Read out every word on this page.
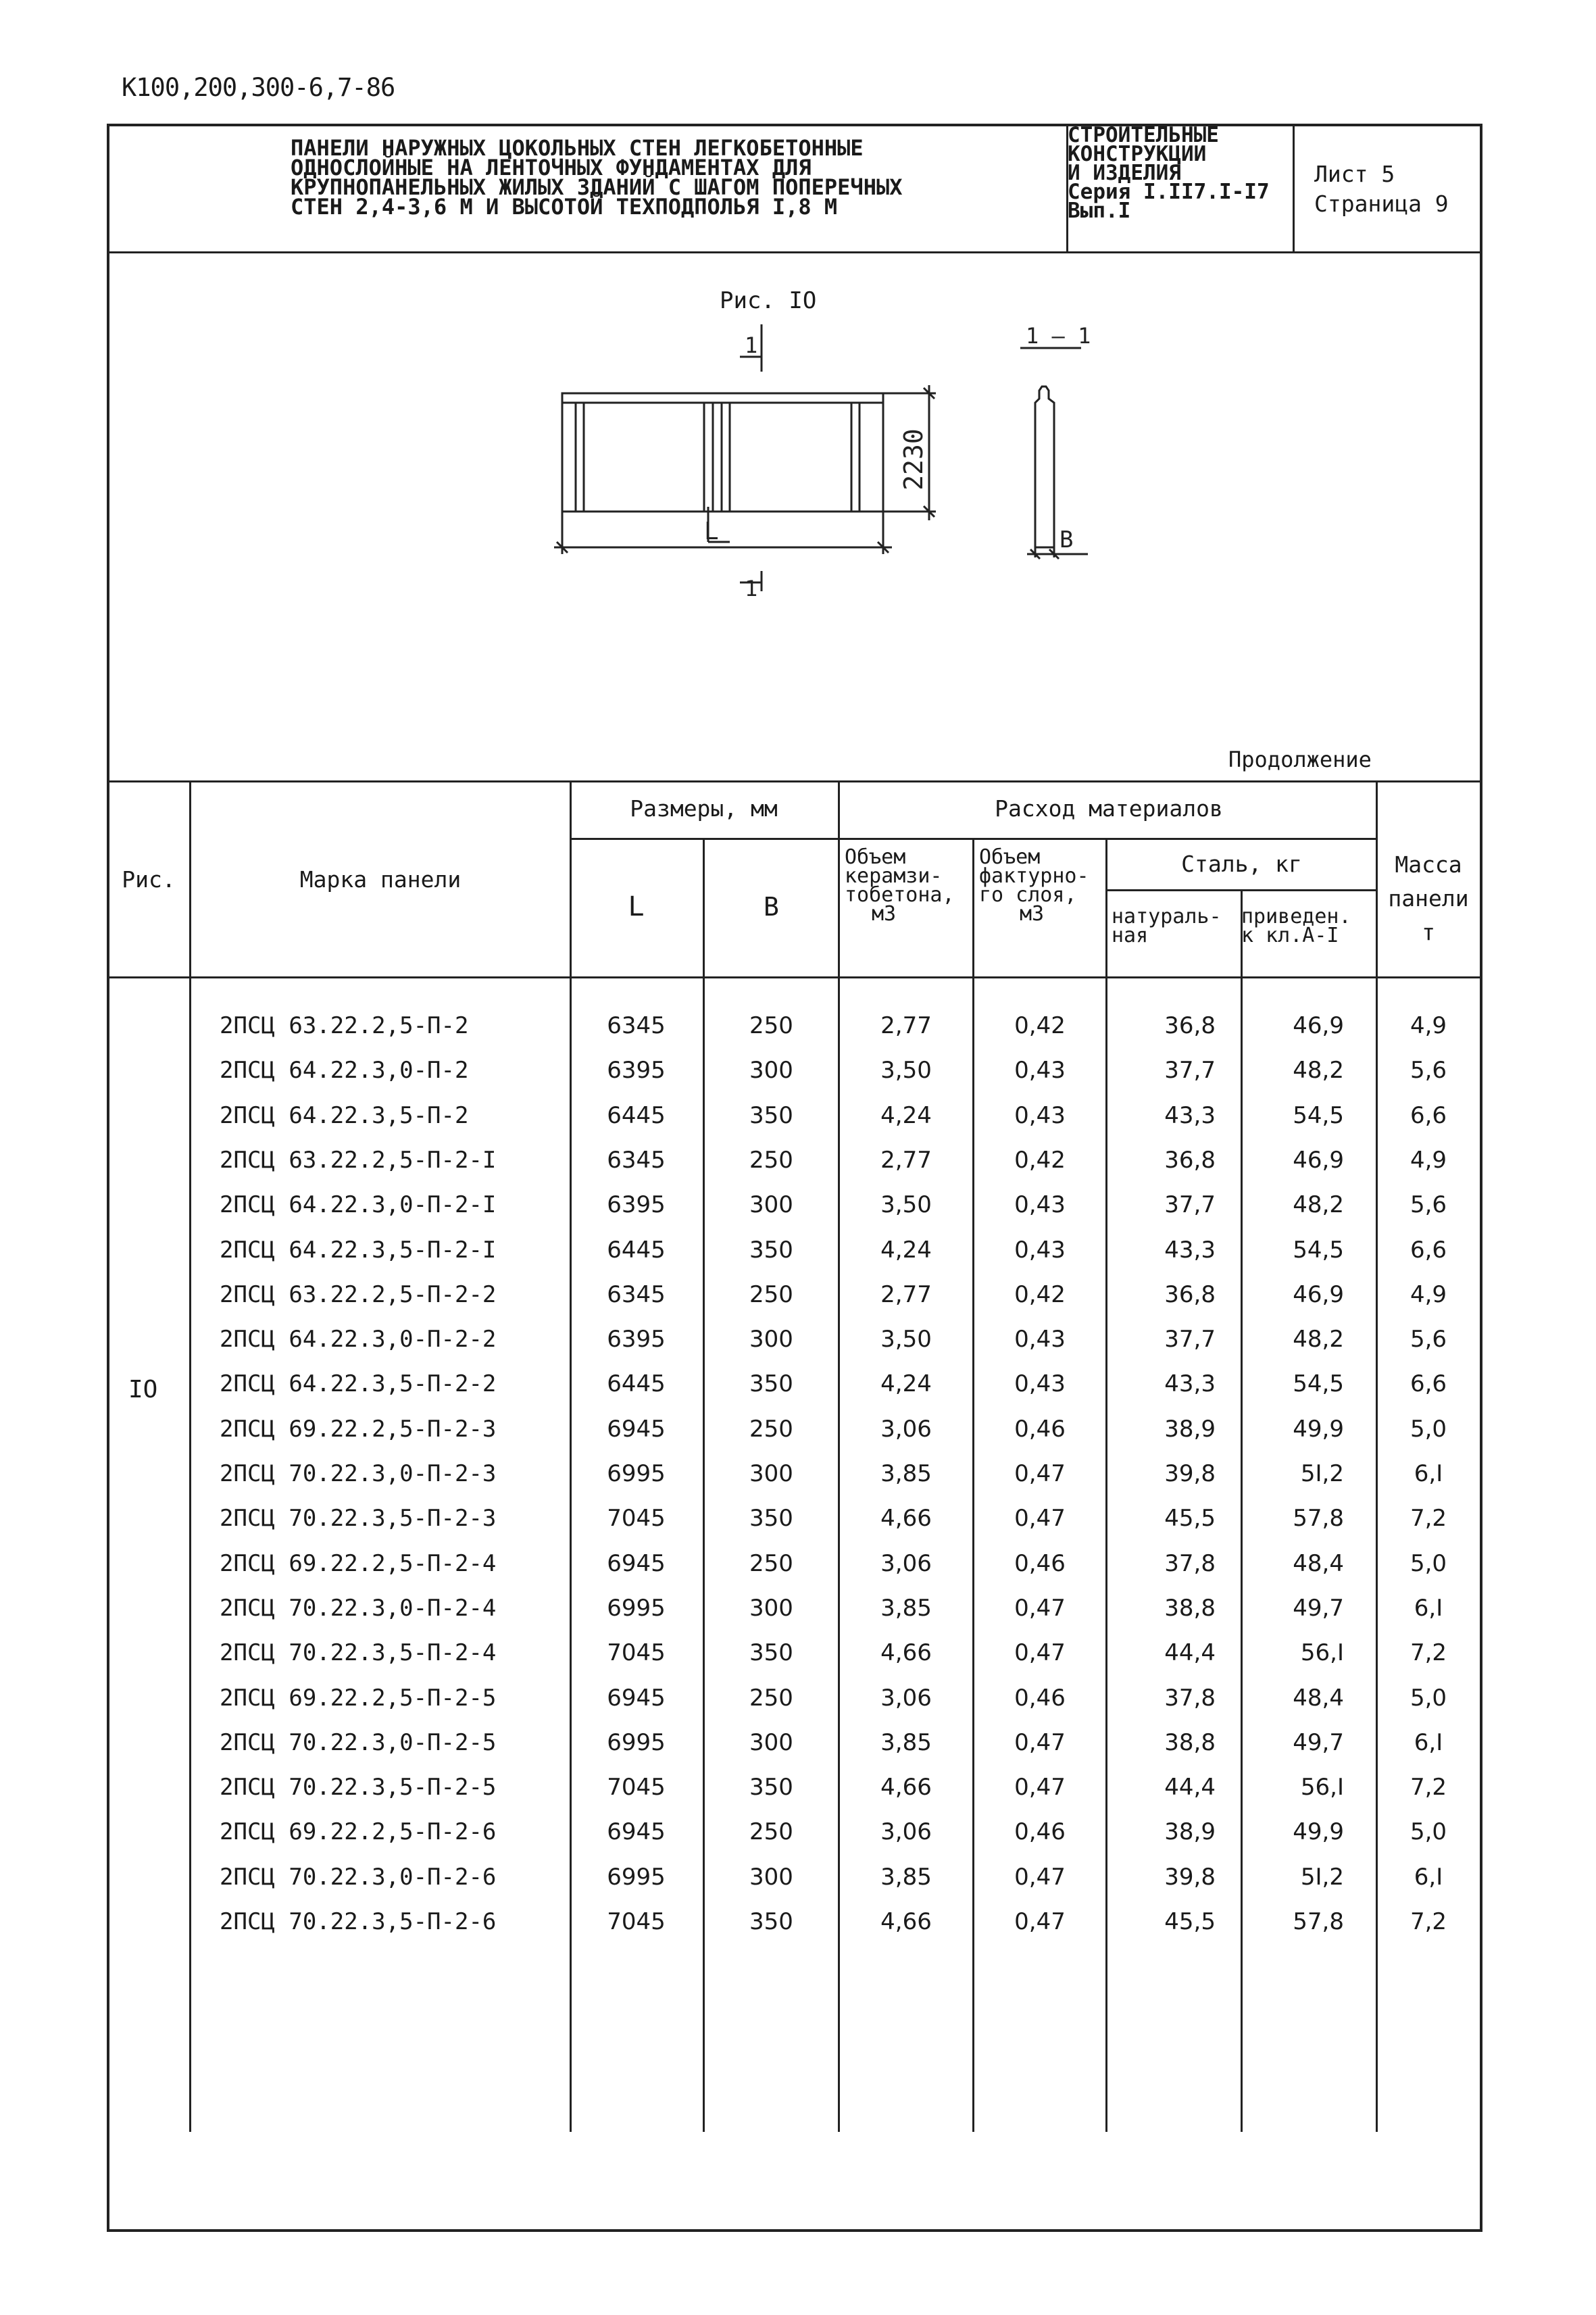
К100,200,300-6,7-86
ПАНЕЛИ НАРУЖНЫХ ЦОКОЛЬНЫХ СТЕН ЛЕГКОБЕТОННЫЕ
ОДНОСЛОЙНЫЕ НА ЛЕНТОЧНЫХ ФУНДАМЕНТАХ ДЛЯ
КРУПНОПАНЕЛЬНЫХ ЖИЛЫХ ЗДАНИЙ С ШАГОМ ПОПЕРЕЧНЫХ
СТЕН 2,4-3,6 М И ВЫСОТОЙ ТЕХПОДПОЛЬЯ I,8 М
СТРОИТЕЛЬНЫЕ
КОНСТРУКЦИИ
И ИЗДЕЛИЯ
Серия I.II7.I-I7
Вып.I
Лист 5
Страница 9
Рис. IO
2230
L	B
1
1
1 – 1
Продолжение
Рис.	Марка панели
Размеры, мм
L	B
Расход материалов
Объем
керамзи-
тобетона,
м3
Объем
фактурно-
го слоя,
м3
Сталь, кг
натураль-
ная
приведен.
к кл.А-I
Масса
панели
т
IO
2ПСЦ 63.22.2,5-П-2	6345	250	2,77	0,42	36,8	46,9	4,9
2ПСЦ 64.22.3,0-П-2	6395	300	3,50	0,43	37,7	48,2	5,6
2ПСЦ 64.22.3,5-П-2	6445	350	4,24	0,43	43,3	54,5	6,6
2ПСЦ 63.22.2,5-П-2-I	6345	250	2,77	0,42	36,8	46,9	4,9
2ПСЦ 64.22.3,0-П-2-I	6395	300	3,50	0,43	37,7	48,2	5,6
2ПСЦ 64.22.3,5-П-2-I	6445	350	4,24	0,43	43,3	54,5	6,6
2ПСЦ 63.22.2,5-П-2-2	6345	250	2,77	0,42	36,8	46,9	4,9
2ПСЦ 64.22.3,0-П-2-2	6395	300	3,50	0,43	37,7	48,2	5,6
2ПСЦ 64.22.3,5-П-2-2	6445	350	4,24	0,43	43,3	54,5	6,6
2ПСЦ 69.22.2,5-П-2-3	6945	250	3,06	0,46	38,9	49,9	5,0
2ПСЦ 70.22.3,0-П-2-3	6995	300	3,85	0,47	39,8	5I,2	6,I
2ПСЦ 70.22.3,5-П-2-3	7045	350	4,66	0,47	45,5	57,8	7,2
2ПСЦ 69.22.2,5-П-2-4	6945	250	3,06	0,46	37,8	48,4	5,0
2ПСЦ 70.22.3,0-П-2-4	6995	300	3,85	0,47	38,8	49,7	6,I
2ПСЦ 70.22.3,5-П-2-4	7045	350	4,66	0,47	44,4	56,I	7,2
2ПСЦ 69.22.2,5-П-2-5	6945	250	3,06	0,46	37,8	48,4	5,0
2ПСЦ 70.22.3,0-П-2-5	6995	300	3,85	0,47	38,8	49,7	6,I
2ПСЦ 70.22.3,5-П-2-5	7045	350	4,66	0,47	44,4	56,I	7,2
2ПСЦ 69.22.2,5-П-2-6	6945	250	3,06	0,46	38,9	49,9	5,0
2ПСЦ 70.22.3,0-П-2-6	6995	300	3,85	0,47	39,8	5I,2	6,I
2ПСЦ 70.22.3,5-П-2-6	7045	350	4,66	0,47	45,5	57,8	7,2
